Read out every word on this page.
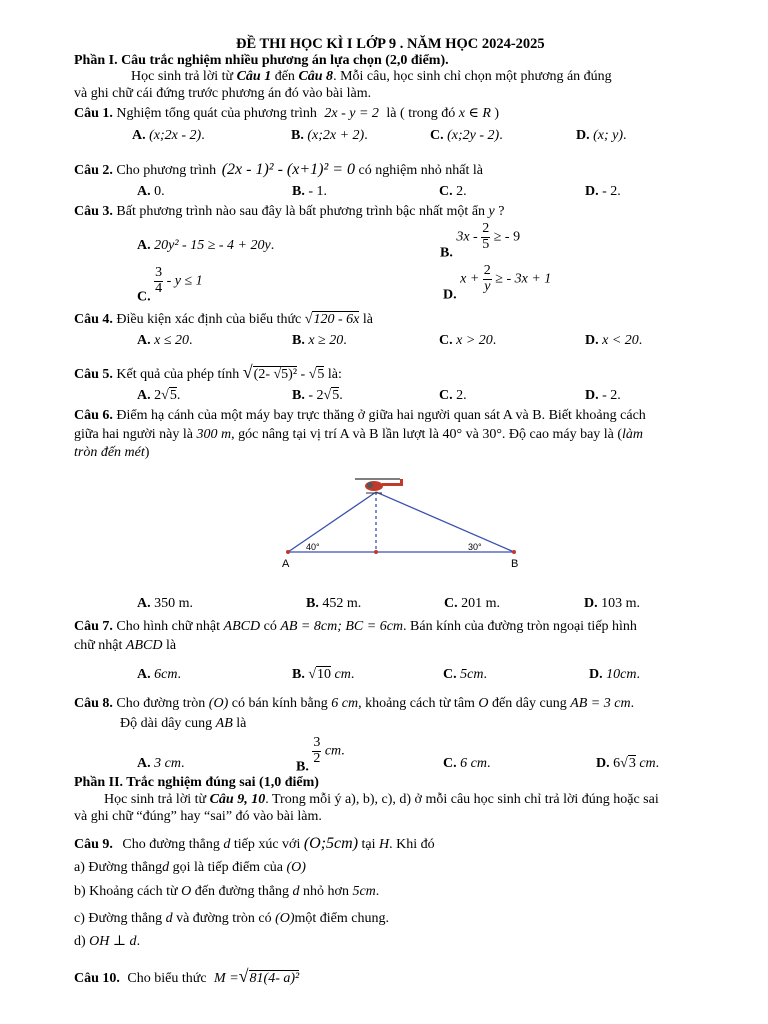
ĐỀ THI HỌC KÌ I LỚP 9 . NĂM HỌC 2024-2025
Phần I. Câu trắc nghiệm nhiều phương án lựa chọn (2,0 điểm).
Học sinh trả lời từ Câu 1 đến Câu 8. Mỗi câu, học sinh chỉ chọn một phương án đúng
và ghi chữ cái đứng trước phương án đó vào bài làm.
Câu 1. Nghiệm tổng quát của phương trình 2x - y = 2 là ( trong đó x ∈ R )
A. (x;2x - 2).	B. (x;2x + 2).	C. (x;2y - 2).	D. (x; y).
Câu 2. Cho phương trình (2x - 1)² - (x+1)² = 0 có nghiệm nhỏ nhất là
A. 0.	B. - 1.	C. 2.	D. - 2.
Câu 3. Bất phương trình nào sau đây là bất phương trình bậc nhất một ẩn y ?
A. 20y² - 15 ≥ - 4 + 20y.	B. $3x - \frac{2}{5}$ ≥ - 9
C.
$\frac{3}{4} - y \le 1$
D. $x + \frac{2}{y}$ ≥ - 3x + 1
Câu 4. Điều kiện xác định của biểu thức √120 - 6x là
A. x ≤ 20.	B. x ≥ 20.	C. x > 20.	D. x < 20.
Câu 5. Kết quả của phép tính √(2- √5)² - √5 là:
A. 2√5.	B. - 2√5.	C. 2.	D. - 2.
Câu 6. Điểm hạ cánh của một máy bay trực thăng ở giữa hai người quan sát A và B. Biết khoảng cách
giữa hai người này là 300 m, góc nâng tại vị trí A và B lần lượt là 40° và 30°. Độ cao máy bay là (làm
tròn đến mét)
40°	30°
A	B
A. 350 m.	B. 452 m.	C. 201 m.	D. 103 m.
Câu 7. Cho hình chữ nhật ABCD có AB = 8cm; BC = 6cm. Bán kính của đường tròn ngoại tiếp hình
chữ nhật ABCD là
A. 6cm.	B. √10 cm.	C. 5cm.	D. 10cm.
Câu 8. Cho đường tròn (O) có bán kính bằng 6 cm, khoảng cách từ tâm O đến dây cung AB = 3 cm.
Độ dài dây cung AB là
A. 3 cm.	B.
$\frac{3}{2}$ cm.
C. 6 cm.	D. 6√3 cm.
Phần II. Trắc nghiệm đúng sai (1,0 điểm)
Học sinh trả lời từ Câu 9, 10. Trong mỗi ý a), b), c), d) ở mỗi câu học sinh chỉ trả lời đúng hoặc sai
và ghi chữ “đúng” hay “sai” đó vào bài làm.
Câu 9. Cho đường thẳng d tiếp xúc với (O;5cm) tại H. Khi đó
a) Đường thẳngd gọi là tiếp điểm của (O)
b) Khoảng cách từ O đến đường thẳng d nhỏ hơn 5cm.
c) Đường thẳng d và đường tròn có (O)một điểm chung.
d) OH ⊥ d.
Câu 10. Cho biểu thức M =√81(4- a)²
